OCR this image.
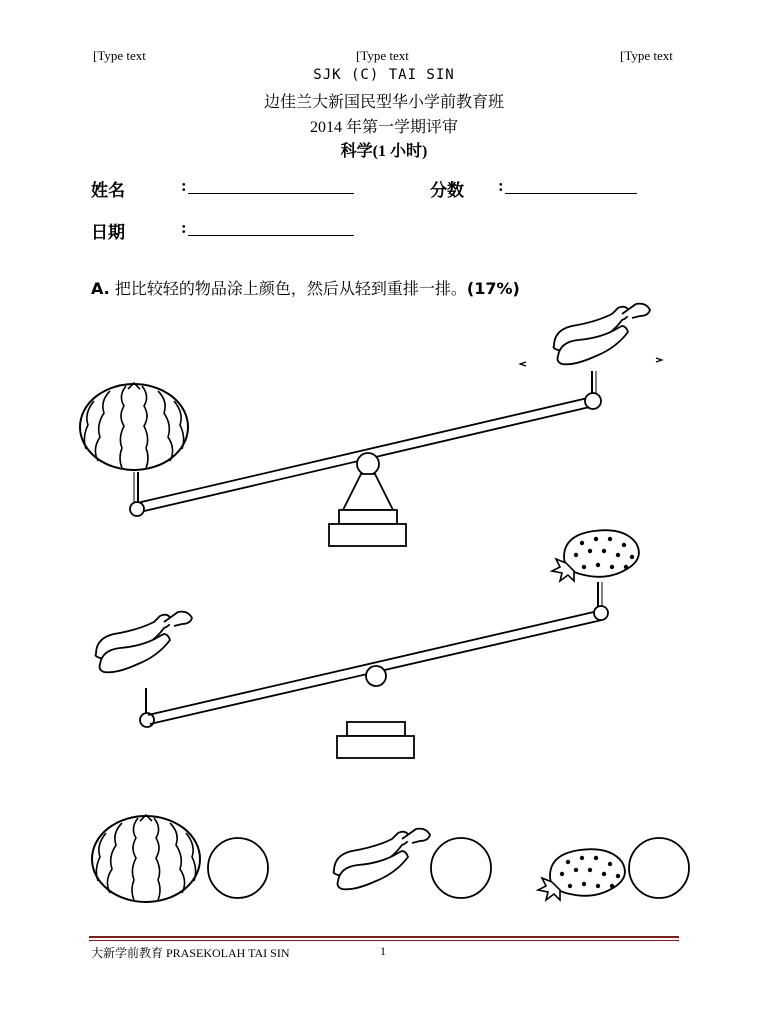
[Type text	[Type text	[Type text
SJK (C) TAI SIN
边佳兰大新国民型华小学前教育班
2014 年第一学期评审
科学(1 小时)
姓名	:	分数 :
日期	:
A. 把比较轻的物品涂上颜色，然后从轻到重排一排。(17%)
大新学前教育 PRASEKOLAH TAI SIN	1
